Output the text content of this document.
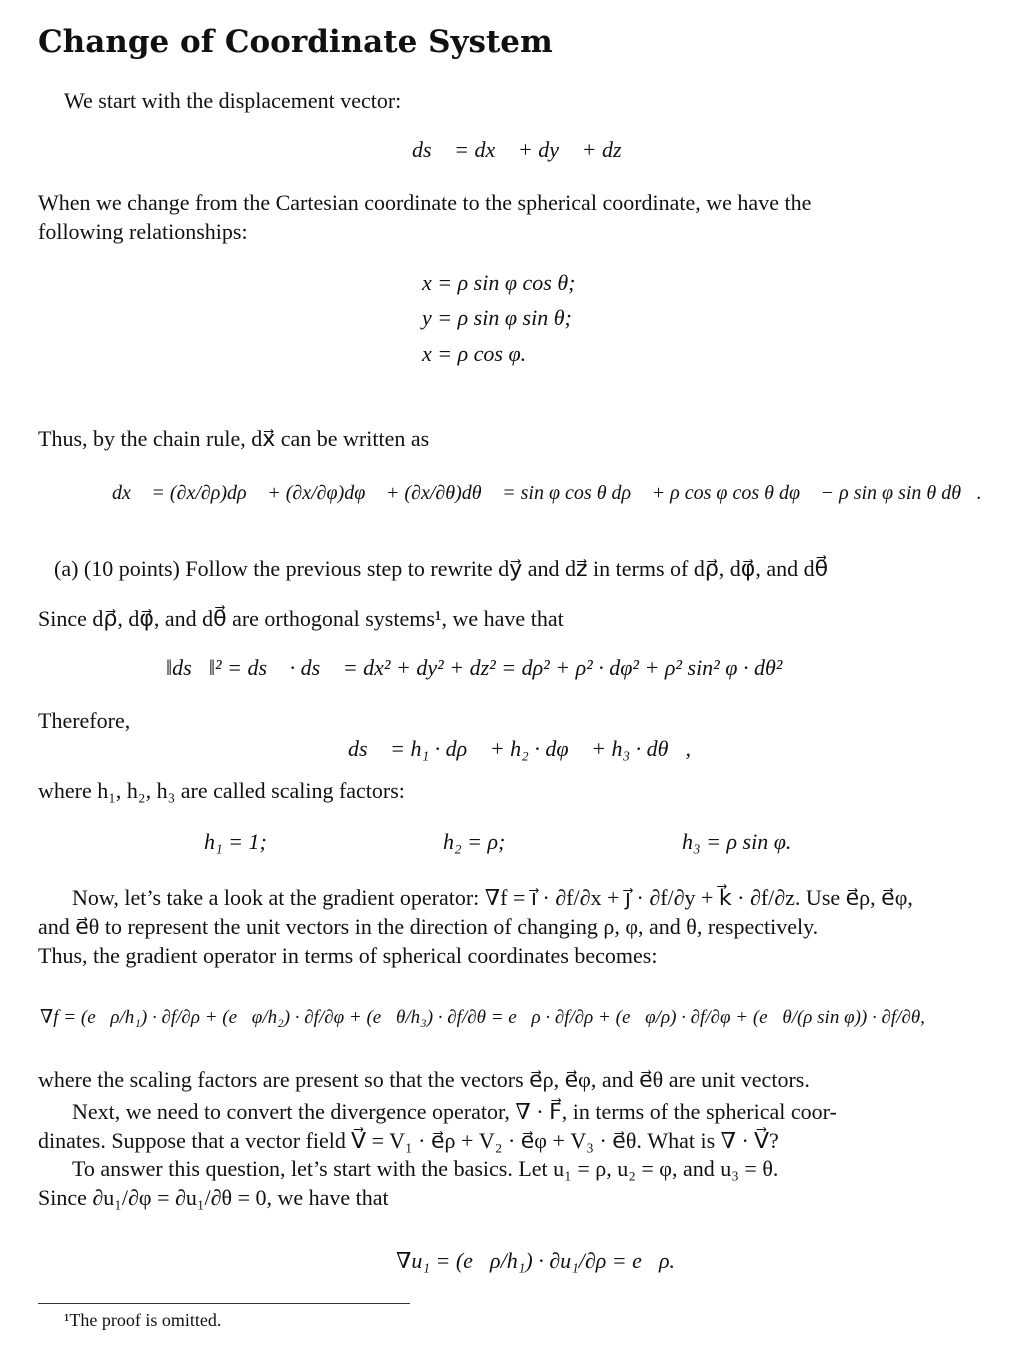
Change of Coordinate System
We start with the displacement vector:
ds⃗ = dx⃗ + dy⃗ + dz⃗
When we change from the Cartesian coordinate to the spherical coordinate, we have the
following relationships:
x = ρ sin φ cos θ;
y = ρ sin φ sin θ;
x = ρ cos φ.
Thus, by the chain rule, dx⃗ can be written as
dx⃗ = (∂x/∂ρ)dρ⃗ + (∂x/∂φ)dφ⃗ + (∂x/∂θ)dθ⃗ = sin φ cos θ dρ⃗ + ρ cos φ cos θ dφ⃗ − ρ sin φ sin θ dθ⃗.
(a) (10 points) Follow the previous step to rewrite dy⃗ and dz⃗ in terms of dρ⃗, dφ⃗, and dθ⃗
Since dρ⃗, dφ⃗, and dθ⃗ are orthogonal systems¹, we have that
‖ds⃗‖² = ds⃗ · ds⃗ = dx² + dy² + dz² = dρ² + ρ² · dφ² + ρ² sin² φ · dθ²
Therefore,
ds⃗ = h₁ · dρ⃗ + h₂ · dφ⃗ + h₃ · dθ⃗,
where h₁, h₂, h₃ are called scaling factors:
h₁ = 1;	h₂ = ρ;	h₃ = ρ sin φ.
Now, let’s take a look at the gradient operator: ∇f = i⃗ · ∂f/∂x + j⃗ · ∂f/∂y + k⃗ · ∂f/∂z. Use e⃗ρ, e⃗φ,
and e⃗θ to represent the unit vectors in the direction of changing ρ, φ, and θ, respectively.
Thus, the gradient operator in terms of spherical coordinates becomes:
∇f = (e⃗ρ/h₁) · ∂f/∂ρ + (e⃗φ/h₂) · ∂f/∂φ + (e⃗θ/h₃) · ∂f/∂θ = e⃗ρ · ∂f/∂ρ + (e⃗φ/ρ) · ∂f/∂φ + (e⃗θ/(ρ sin φ)) · ∂f/∂θ,
where the scaling factors are present so that the vectors e⃗ρ, e⃗φ, and e⃗θ are unit vectors.
Next, we need to convert the divergence operator, ∇ · F⃗, in terms of the spherical coor-
dinates. Suppose that a vector field V⃗ = V₁ · e⃗ρ + V₂ · e⃗φ + V₃ · e⃗θ. What is ∇ · V⃗?
To answer this question, let’s start with the basics. Let u₁ = ρ, u₂ = φ, and u₃ = θ.
Since ∂u₁/∂φ = ∂u₁/∂θ = 0, we have that
∇u₁ = (e⃗ρ/h₁) · ∂u₁/∂ρ = e⃗ρ.
¹The proof is omitted.
